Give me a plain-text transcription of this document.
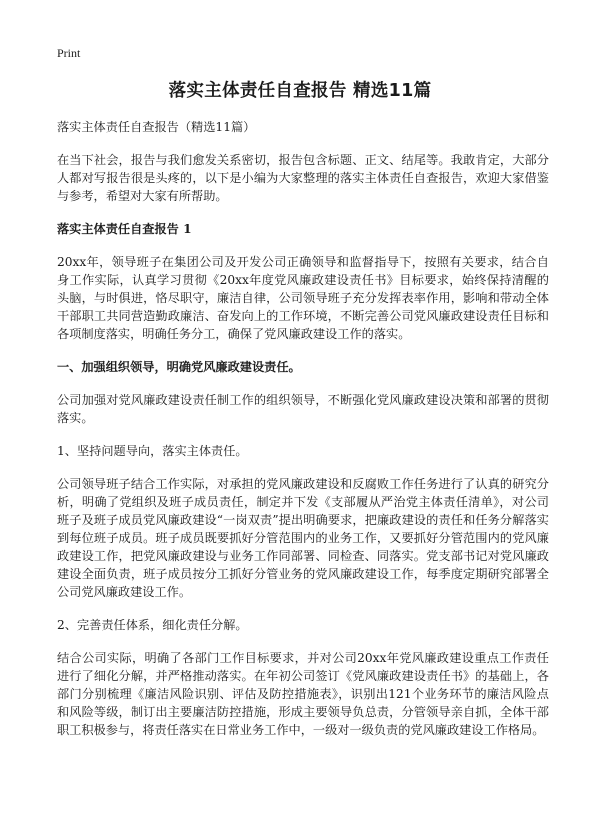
Print
落实主体责任自查报告 精选11篇

落实主体责任自查报告（精选11篇）

在当下社会，报告与我们愈发关系密切，报告包含标题、正文、结尾等。我敢肯定，大部分人都对写报告很是头疼的，以下是小编为大家整理的落实主体责任自查报告，欢迎大家借鉴与参考，希望对大家有所帮助。

落实主体责任自查报告 1

20xx年，领导班子在集团公司及开发公司正确领导和监督指导下，按照有关要求，结合自身工作实际，认真学习贯彻《20xx年度党风廉政建设责任书》目标要求，始终保持清醒的头脑，与时俱进，恪尽职守，廉洁自律，公司领导班子充分发挥表率作用，影响和带动全体干部职工共同营造勤政廉洁、奋发向上的工作环境，不断完善公司党风廉政建设责任目标和各项制度落实，明确任务分工，确保了党风廉政建设工作的落实。

一、加强组织领导，明确党风廉政建设责任。

公司加强对党风廉政建设责任制工作的组织领导，不断强化党风廉政建设决策和部署的贯彻落实。

1、坚持问题导向，落实主体责任。

公司领导班子结合工作实际，对承担的党风廉政建设和反腐败工作任务进行了认真的研究分析，明确了党组织及班子成员责任，制定并下发《支部履从严治党主体责任清单》，对公司班子及班子成员党风廉政建设“一岗双责”提出明确要求，把廉政建设的责任和任务分解落实到每位班子成员。班子成员既要抓好分管范围内的业务工作，又要抓好分管范围内的党风廉政建设工作，把党风廉政建设与业务工作同部署、同检查、同落实。党支部书记对党风廉政建设全面负责，班子成员按分工抓好分管业务的党风廉政建设工作，每季度定期研究部署全公司党风廉政建设工作。

2、完善责任体系，细化责任分解。

结合公司实际，明确了各部门工作目标要求，并对公司20xx年党风廉政建设重点工作责任进行了细化分解，并严格推动落实。在年初公司签订《党风廉政建设责任书》的基础上，各部门分别梳理《廉洁风险识别、评估及防控措施表》，识别出121个业务环节的廉洁风险点和风险等级，制订出主要廉洁防控措施，形成主要领导负总责，分管领导亲自抓，全体干部职工积极参与，将责任落实在日常业务工作中，一级对一级负责的党风廉政建设工作格局。
